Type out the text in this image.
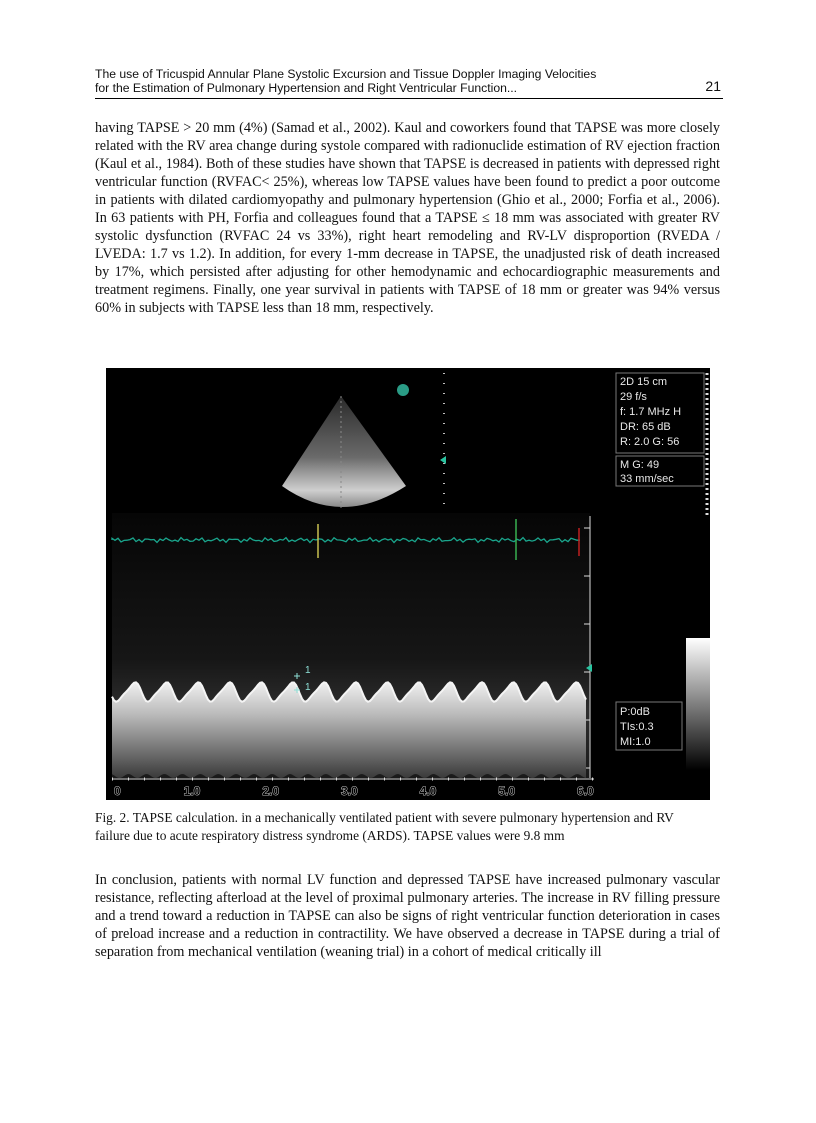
The use of Tricuspid Annular Plane Systolic Excursion and Tissue Doppler Imaging Velocities
for the Estimation of Pulmonary Hypertension and Right Ventricular Function...	21

having TAPSE > 20 mm (4%) (Samad et al., 2002). Kaul and coworkers found that TAPSE was more closely related with the RV area change during systole compared with radionuclide estimation of RV ejection fraction (Kaul et al., 1984). Both of these studies have shown that TAPSE is decreased in patients with depressed right ventricular function (RVFAC< 25%), whereas low TAPSE values have been found to predict a poor outcome in patients with dilated cardiomyopathy and pulmonary hypertension (Ghio et al., 2000; Forfia et al., 2006). In 63 patients with PH, Forfia and colleagues found that a TAPSE ≤ 18 mm was associated with greater RV systolic dysfunction (RVFAC 24 vs 33%), right heart remodeling and RV-LV disproportion (RVEDA / LVEDA: 1.7 vs 1.2). In addition, for every 1-mm decrease in TAPSE, the unadjusted risk of death increased by 17%, which persisted after adjusting for other hemodynamic and echocardiographic measurements and treatment regimens. Finally, one year survival in patients with TAPSE of 18 mm or greater was 94% versus 60% in subjects with TAPSE less than 18 mm, respectively.

2D 15 cm
29 f/s
f: 1.7 MHz H
DR: 65 dB
R: 2.0 G: 56
M G: 49
33 mm/sec
P:0dB
TIs:0.3
MI:1.0
1
1
0	1.0	2.0	3.0	4.0	5.0	6.0

Fig. 2. TAPSE calculation. in a mechanically ventilated patient with severe pulmonary hypertension and RV failure due to acute respiratory distress syndrome (ARDS). TAPSE values were 9.8 mm

In conclusion, patients with normal LV function and depressed TAPSE have increased pulmonary vascular resistance, reflecting afterload at the level of proximal pulmonary arteries. The increase in RV filling pressure and a trend toward a reduction in TAPSE can also be signs of right ventricular function deterioration in cases of preload increase and a reduction in contractility. We have observed a decrease in TAPSE during a trial of separation from mechanical ventilation (weaning trial) in a cohort of medical critically ill
